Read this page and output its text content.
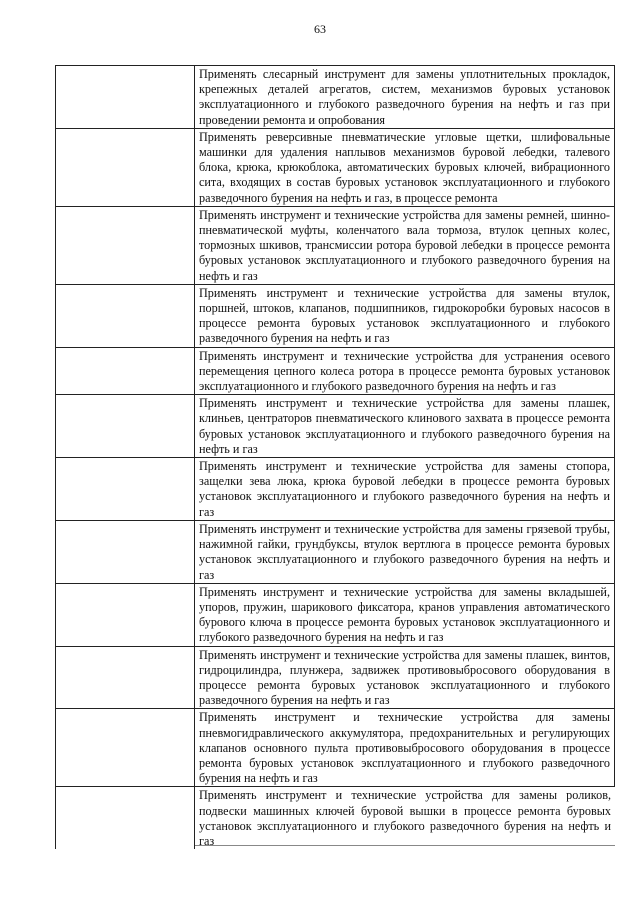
63
Применять слесарный инструмент для замены уплотнительных прокладок, крепежных деталей агрегатов, систем, механизмов буровых установок эксплуатационного и глубокого разведочного бурения на нефть и газ при проведении ремонта и опробования
Применять реверсивные пневматические угловые щетки, шлифовальные машинки для удаления наплывов механизмов буровой лебедки, талевого блока, крюка, крюкоблока, автоматических буровых ключей, вибрационного сита, входящих в состав буровых установок эксплуатационного и глубокого разведочного бурения на нефть и газ, в процессе ремонта
Применять инструмент и технические устройства для замены ремней, шинно-пневматической муфты, коленчатого вала тормоза, втулок цепных колес, тормозных шкивов, трансмиссии ротора буровой лебедки в процессе ремонта буровых установок эксплуатационного и глубокого разведочного бурения на нефть и газ
Применять инструмент и технические устройства для замены втулок, поршней, штоков, клапанов, подшипников, гидрокоробки буровых насосов в процессе ремонта буровых установок эксплуатационного и глубокого разведочного бурения на нефть и газ
Применять инструмент и технические устройства для устранения осевого перемещения цепного колеса ротора в процессе ремонта буровых установок эксплуатационного и глубокого разведочного бурения на нефть и газ
Применять инструмент и технические устройства для замены плашек, клиньев, центраторов пневматического клинового захвата в процессе ремонта буровых установок эксплуатационного и глубокого разведочного бурения на нефть и газ
Применять инструмент и технические устройства для замены стопора, защелки зева люка, крюка буровой лебедки в процессе ремонта буровых установок эксплуатационного и глубокого разведочного бурения на нефть и газ
Применять инструмент и технические устройства для замены грязевой трубы, нажимной гайки, грундбуксы, втулок вертлюга в процессе ремонта буровых установок эксплуатационного и глубокого разведочного бурения на нефть и газ
Применять инструмент и технические устройства для замены вкладышей, упоров, пружин, шарикового фиксатора, кранов управления автоматического бурового ключа в процессе ремонта буровых установок эксплуатационного и глубокого разведочного бурения на нефть и газ
Применять инструмент и технические устройства для замены плашек, винтов, гидроцилиндра, плунжера, задвижек противовыбросового оборудования в процессе ремонта буровых установок эксплуатационного и глубокого разведочного бурения на нефть и газ
Применять инструмент и технические устройства для замены пневмогидравлического аккумулятора, предохранительных и регулирующих клапанов основного пульта противовыбросового оборудования в процессе ремонта буровых установок эксплуатационного и глубокого разведочного бурения на нефть и газ
Применять инструмент и технические устройства для замены роликов, подвески машинных ключей буровой вышки в процессе ремонта буровых установок эксплуатационного и глубокого разведочного бурения на нефть и газ
